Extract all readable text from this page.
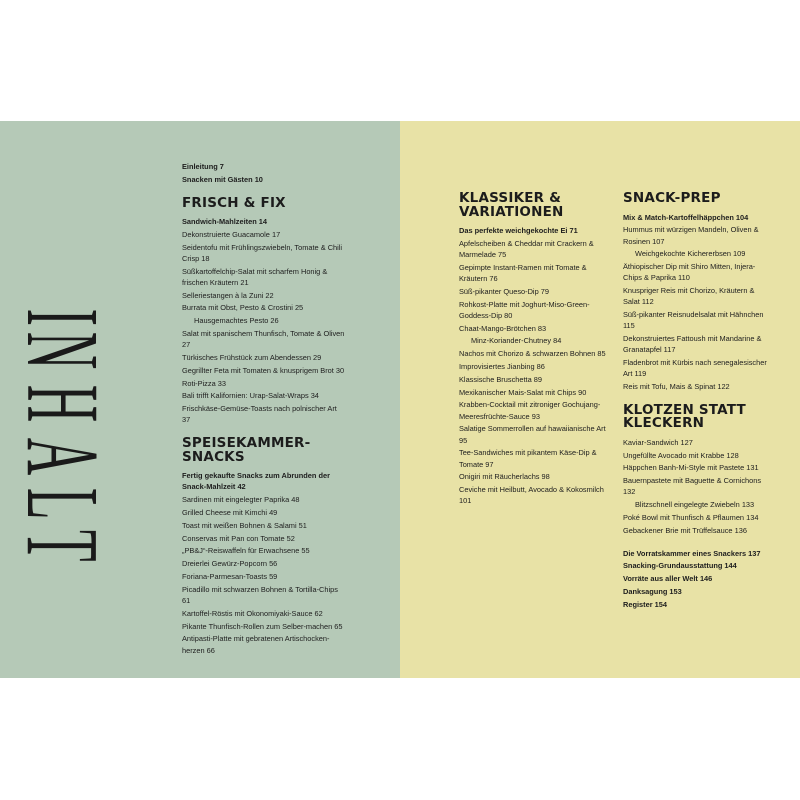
INHALT
Einleitung 7
Snacken mit Gästen 10
FRISCH & FIX
Sandwich-Mahlzeiten 14
Dekonstruierte Guacamole 17
Seidentofu mit Frühlingszwiebeln, Tomate & Chili Crisp 18
Süßkartoffelchip-Salat mit scharfem Honig & frischen Kräutern 21
Selleriestangen à la Zuni 22
Burrata mit Obst, Pesto & Crostini 25
Hausgemachtes Pesto 26
Salat mit spanischem Thunfisch, Tomate & Oliven 27
Türkisches Frühstück zum Abendessen 29
Gegrillter Feta mit Tomaten & knusprigem Brot 30
Roti-Pizza 33
Bali trifft Kalifornien: Urap-Salat-Wraps 34
Frischkäse-Gemüse-Toasts nach polnischer Art 37
SPEISEKAMMER-
SNACKS
Fertig gekaufte Snacks zum Abrunden der Snack-Mahlzeit 42
Sardinen mit eingelegter Paprika 48
Grilled Cheese mit Kimchi 49
Toast mit weißen Bohnen & Salami 51
Conservas mit Pan con Tomate 52
„PB&J“-Reiswaffeln für Erwachsene 55
Dreierlei Gewürz-Popcorn 56
Foriana-Parmesan-Toasts 59
Picadillo mit schwarzen Bohnen & Tortilla-Chips 61
Kartoffel-Röstis mit Okonomiyaki-Sauce 62
Pikante Thunfisch-Rollen zum Selber-machen 65
Antipasti-Platte mit gebratenen Artischocken-herzen 66
KLASSIKER &
VARIATIONEN
Das perfekte weichgekochte Ei 71
Apfelscheiben & Cheddar mit Crackern & Marmelade 75
Gepimpte Instant-Ramen mit Tomate & Kräutern 76
Süß-pikanter Queso-Dip 79
Rohkost-Platte mit Joghurt-Miso-Green-Goddess-Dip 80
Chaat-Mango-Brötchen 83
Minz-Koriander-Chutney 84
Nachos mit Chorizo & schwarzen Bohnen 85
Improvisiertes Jianbing 86
Klassische Bruschetta 89
Mexikanischer Mais-Salat mit Chips 90
Krabben-Cocktail mit zitroniger Gochujang-Meeresfrüchte-Sauce 93
Salatige Sommerrollen auf hawaiianische Art 95
Tee-Sandwiches mit pikantem Käse-Dip & Tomate 97
Onigiri mit Räucherlachs 98
Ceviche mit Heilbutt, Avocado & Kokosmilch 101
SNACK-PREP
Mix & Match-Kartoffelhäppchen 104
Hummus mit würzigen Mandeln, Oliven & Rosinen 107
Weichgekochte Kichererbsen 109
Äthiopischer Dip mit Shiro Mitten, Injera-Chips & Paprika 110
Knuspriger Reis mit Chorizo, Kräutern & Salat 112
Süß-pikanter Reisnudelsalat mit Hähnchen 115
Dekonstruiertes Fattoush mit Mandarine & Granatapfel 117
Fladenbrot mit Kürbis nach senegalesischer Art 119
Reis mit Tofu, Mais & Spinat 122
KLOTZEN STATT
KLECKERN
Kaviar-Sandwich 127
Ungefüllte Avocado mit Krabbe 128
Häppchen Banh-Mi-Style mit Pastete 131
Bauernpastete mit Baguette & Cornichons 132
Blitzschnell eingelegte Zwiebeln 133
Poké Bowl mit Thunfisch & Pflaumen 134
Gebackener Brie mit Trüffelsauce 136
Die Vorratskammer eines Snackers 137
Snacking-Grundausstattung 144
Vorräte aus aller Welt 146
Danksagung 153
Register 154
